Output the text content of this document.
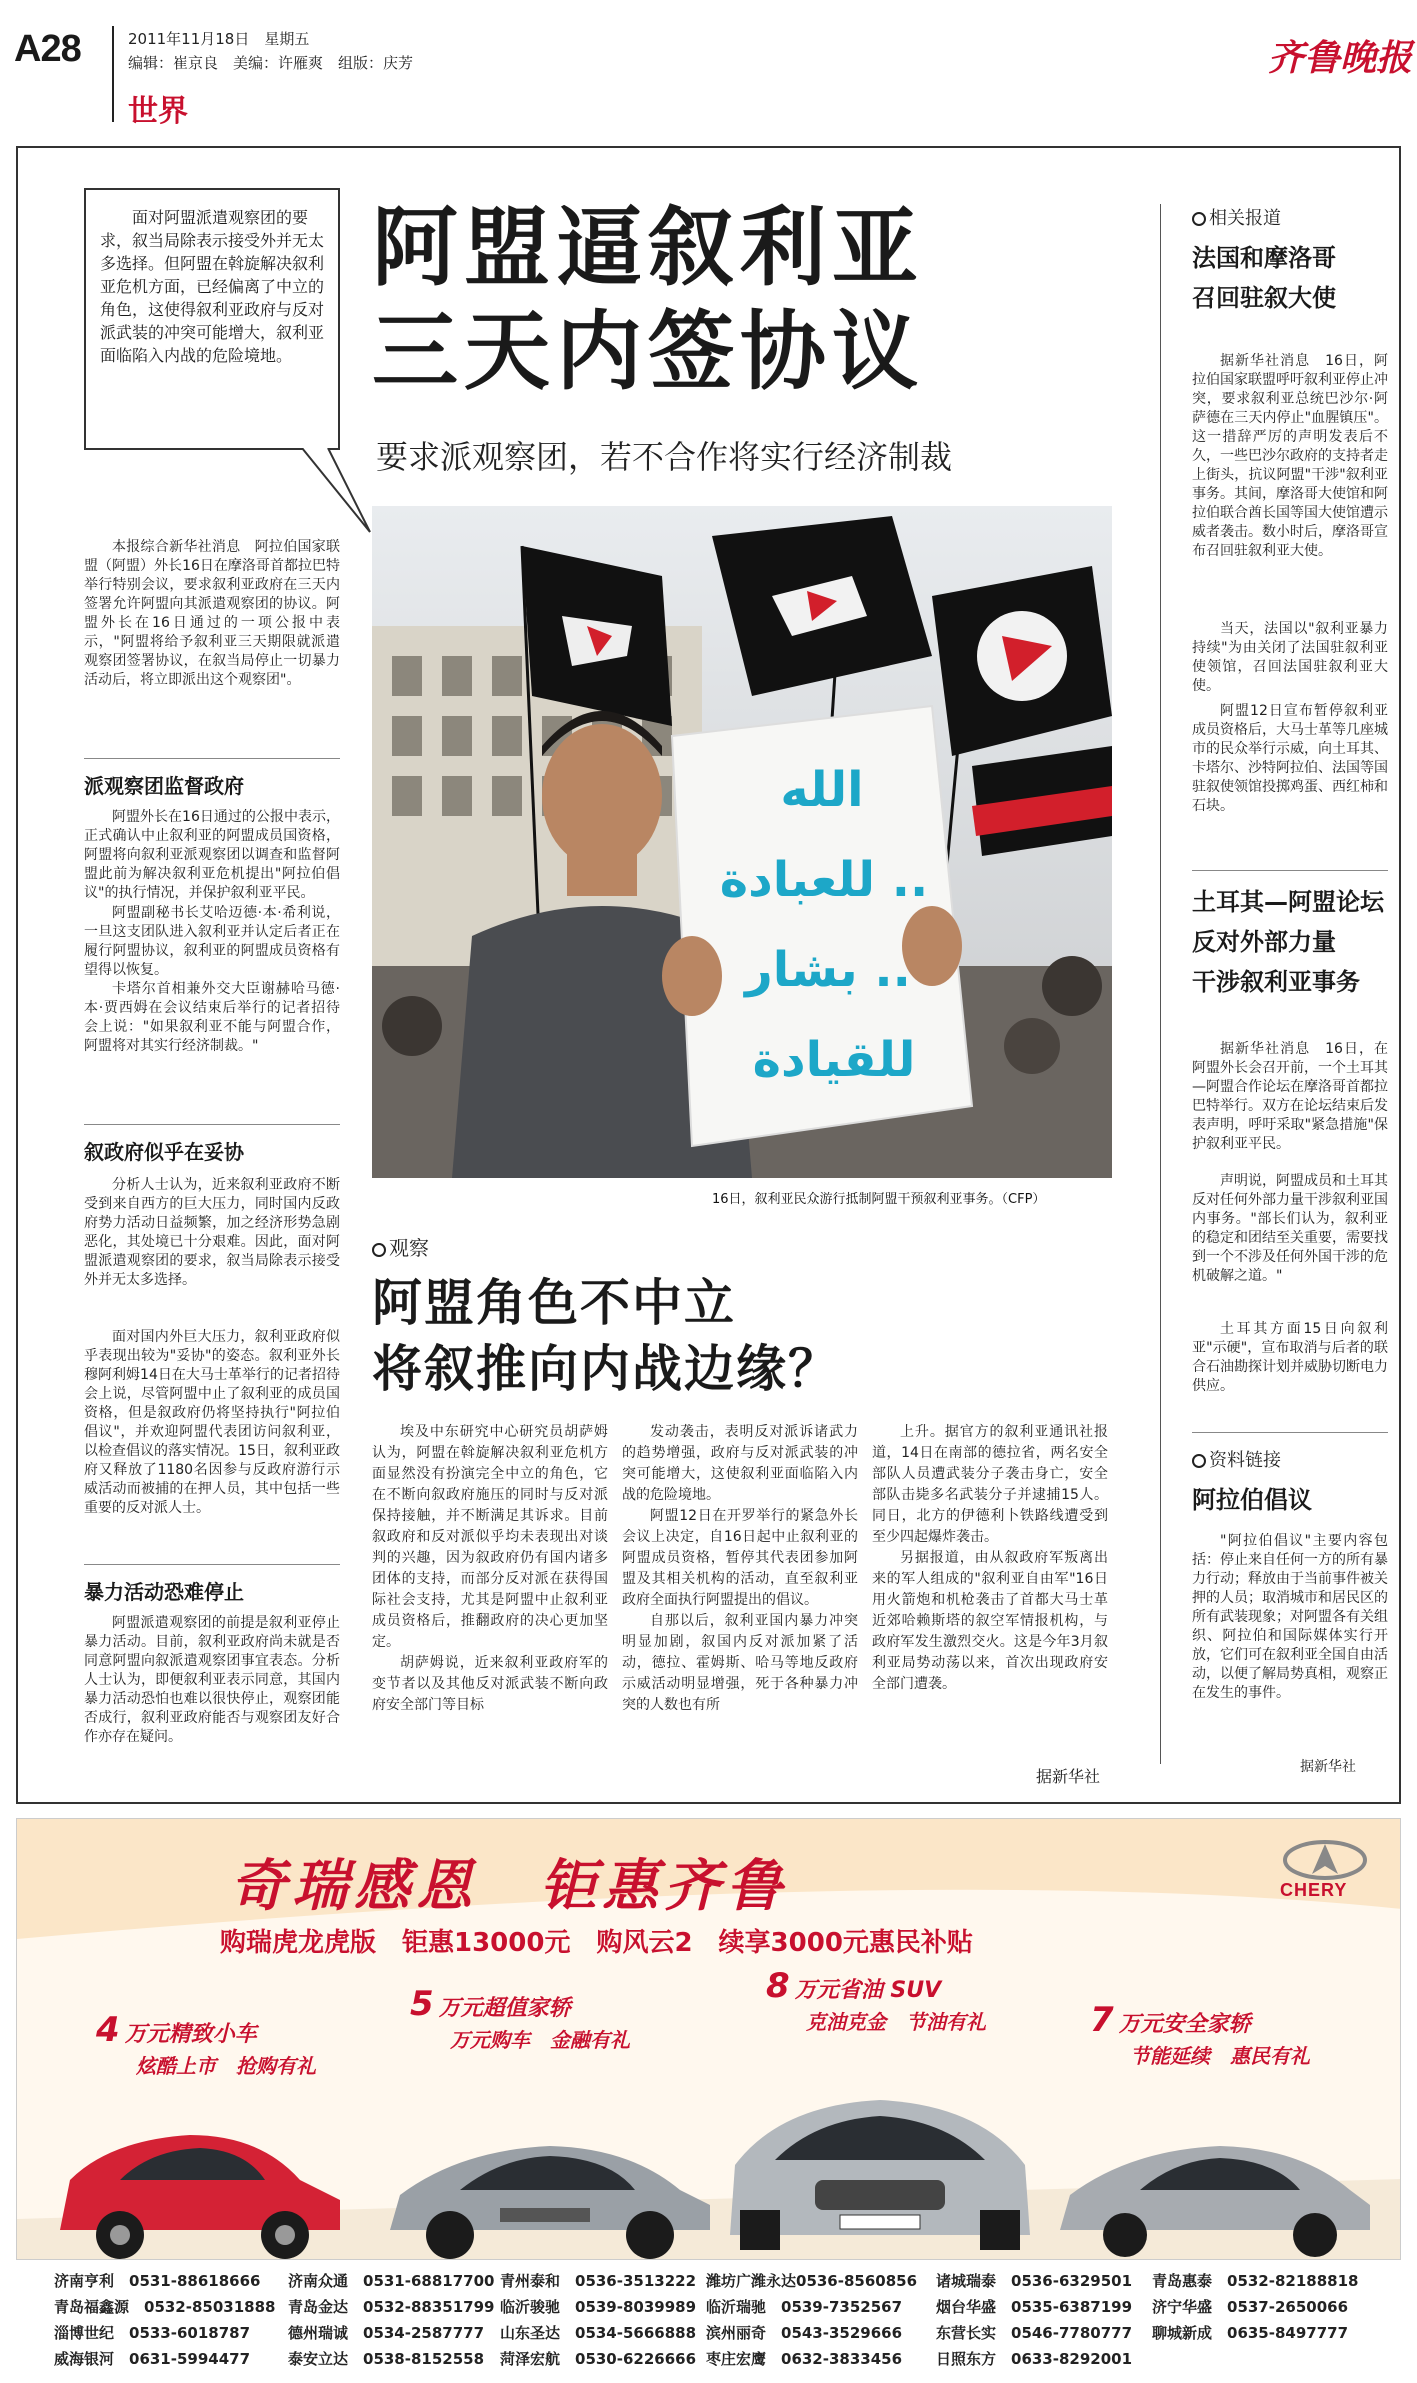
A28	2011年11月18日　星期五
编辑：崔京良　美编：许雁爽　组版：庆芳
世界
齐鲁晚报

面对阿盟派遣观察团的要求，叙当局除表示接受外并无太多选择。但阿盟在斡旋解决叙利亚危机方面，已经偏离了中立的角色，这使得叙利亚政府与反对派武装的冲突可能增大，叙利亚面临陷入内战的危险境地。

阿盟逼叙利亚
三天内签协议
要求派观察团，若不合作将实行经济制裁
الله
للعبادة ..
بشار ..
للقيادة
16日，叙利亚民众游行抵制阿盟干预叙利亚事务。（CFP）
本报综合新华社消息　阿拉伯国家联盟（阿盟）外长16日在摩洛哥首都拉巴特举行特别会议，要求叙利亚政府在三天内签署允许阿盟向其派遣观察团的协议。阿盟外长在16日通过的一项公报中表示，"阿盟将给予叙利亚三天期限就派遣观察团签署协议，在叙当局停止一切暴力活动后，将立即派出这个观察团"。
派观察团监督政府
阿盟外长在16日通过的公报中表示，正式确认中止叙利亚的阿盟成员国资格，阿盟将向叙利亚派观察团以调查和监督阿盟此前为解决叙利亚危机提出"阿拉伯倡议"的执行情况，并保护叙利亚平民。
阿盟副秘书长艾哈迈德·本·希利说，一旦这支团队进入叙利亚并认定后者正在履行阿盟协议，叙利亚的阿盟成员资格有望得以恢复。
卡塔尔首相兼外交大臣谢赫哈马德·本·贾西姆在会议结束后举行的记者招待会上说："如果叙利亚不能与阿盟合作，阿盟将对其实行经济制裁。"
叙政府似乎在妥协
分析人士认为，近来叙利亚政府不断受到来自西方的巨大压力，同时国内反政府势力活动日益频繁，加之经济形势急剧恶化，其处境已十分艰难。因此，面对阿盟派遣观察团的要求，叙当局除表示接受外并无太多选择。
面对国内外巨大压力，叙利亚政府似乎表现出较为"妥协"的姿态。叙利亚外长穆阿利姆14日在大马士革举行的记者招待会上说，尽管阿盟中止了叙利亚的成员国资格，但是叙政府仍将坚持执行"阿拉伯倡议"，并欢迎阿盟代表团访问叙利亚，以检查倡议的落实情况。15日，叙利亚政府又释放了1180名因参与反政府游行示威活动而被捕的在押人员，其中包括一些重要的反对派人士。
暴力活动恐难停止
阿盟派遣观察团的前提是叙利亚停止暴力活动。目前，叙利亚政府尚未就是否同意阿盟向叙派遣观察团事宜表态。分析人士认为，即便叙利亚表示同意，其国内暴力活动恐怕也难以很快停止，观察团能否成行，叙利亚政府能否与观察团友好合作亦存在疑问。
相关报道
法国和摩洛哥
召回驻叙大使
据新华社消息　16日，阿拉伯国家联盟呼吁叙利亚停止冲突，要求叙利亚总统巴沙尔·阿萨德在三天内停止"血腥镇压"。这一措辞严厉的声明发表后不久，一些巴沙尔政府的支持者走上街头，抗议阿盟"干涉"叙利亚事务。其间，摩洛哥大使馆和阿拉伯联合酋长国等国大使馆遭示威者袭击。数小时后，摩洛哥宣布召回驻叙利亚大使。
当天，法国以"叙利亚暴力持续"为由关闭了法国驻叙利亚使领馆，召回法国驻叙利亚大使。
阿盟12日宣布暂停叙利亚成员资格后，大马士革等几座城市的民众举行示威，向土耳其、卡塔尔、沙特阿拉伯、法国等国驻叙使领馆投掷鸡蛋、西红柿和石块。
土耳其—阿盟论坛
反对外部力量
干涉叙利亚事务
据新华社消息　16日，在阿盟外长会召开前，一个土耳其—阿盟合作论坛在摩洛哥首都拉巴特举行。双方在论坛结束后发表声明，呼吁采取"紧急措施"保护叙利亚平民。
声明说，阿盟成员和土耳其反对任何外部力量干涉叙利亚国内事务。"部长们认为，叙利亚的稳定和团结至关重要，需要找到一个不涉及任何外国干涉的危机破解之道。"
土耳其方面15日向叙利亚"示硬"，宣布取消与后者的联合石油勘探计划并威胁切断电力供应。
资料链接
阿拉伯倡议
"阿拉伯倡议"主要内容包括：停止来自任何一方的所有暴力行动；释放由于当前事件被关押的人员；取消城市和居民区的所有武装现象；对阿盟各有关组织、阿拉伯和国际媒体实行开放，它们可在叙利亚全国自由活动，以便了解局势真相，观察正在发生的事件。
据新华社
观察
阿盟角色不中立
将叙推向内战边缘？

埃及中东研究中心研究员胡萨姆认为，阿盟在斡旋解决叙利亚危机方面显然没有扮演完全中立的角色，它在不断向叙政府施压的同时与反对派保持接触，并不断满足其诉求。目前叙政府和反对派似乎均未表现出对谈判的兴趣，因为叙政府仍有国内诸多团体的支持，而部分反对派在获得国际社会支持，尤其是阿盟中止叙利亚成员资格后，推翻政府的决心更加坚定。

胡萨姆说，近来叙利亚政府军的变节者以及其他反对派武装不断向政府安全部门等目标

发动袭击，表明反对派诉诸武力的趋势增强，政府与反对派武装的冲突可能增大，这使叙利亚面临陷入内战的危险境地。

阿盟12日在开罗举行的紧急外长会议上决定，自16日起中止叙利亚的阿盟成员资格，暂停其代表团参加阿盟及其相关机构的活动，直至叙利亚政府全面执行阿盟提出的倡议。

自那以后，叙利亚国内暴力冲突明显加剧，叙国内反对派加紧了活动，德拉、霍姆斯、哈马等地反政府示威活动明显增强，死于各种暴力冲突的人数也有所

上升。据官方的叙利亚通讯社报道，14日在南部的德拉省，两名安全部队人员遭武装分子袭击身亡，安全部队击毙多名武装分子并逮捕15人。同日，北方的伊德利卜铁路线遭受到至少四起爆炸袭击。

另据报道，由从叙政府军叛离出来的军人组成的"叙利亚自由军"16日用火箭炮和机枪袭击了首都大马士革近郊哈赖斯塔的叙空军情报机构，与政府军发生激烈交火。这是今年3月叙利亚局势动荡以来，首次出现政府安全部门遭袭。

据新华社
奇瑞感恩　钜惠齐鲁
购瑞虎龙虎版　钜惠13000元　购风云2　续享3000元惠民补贴
CHERY
4 万元精致小车
炫酷上市　抢购有礼
5 万元超值家轿
万元购车　金融有礼
8 万元省油 SUV
克油克金　节油有礼	7 万元安全家轿
节能延续　惠民有礼
济南亨利　0531-88618666 济南众通　0531-68817700 青州泰和　0536-3513222 潍坊广潍永达0536-8560856 诸城瑞泰　0536-6329501 青岛惠泰　0532-82188818
青岛福鑫源　0532-85031888 青岛金达　0532-88351799 临沂骏驰　0539-8039989 临沂瑞驰　0539-7352567 烟台华盛　0535-6387199 济宁华盛　0537-2650066
淄博世纪　0533-6018787	德州瑞诚　0534-2587777 山东圣达　0534-5666888 滨州丽奇　0543-3529666 东营长实　0546-7780777 聊城新成　0635-8497777
威海银河　0631-5994477	泰安立达　0538-8152558 菏泽宏航　0530-6226666 枣庄宏鹰　0632-3833456 日照东方　0633-8292001
